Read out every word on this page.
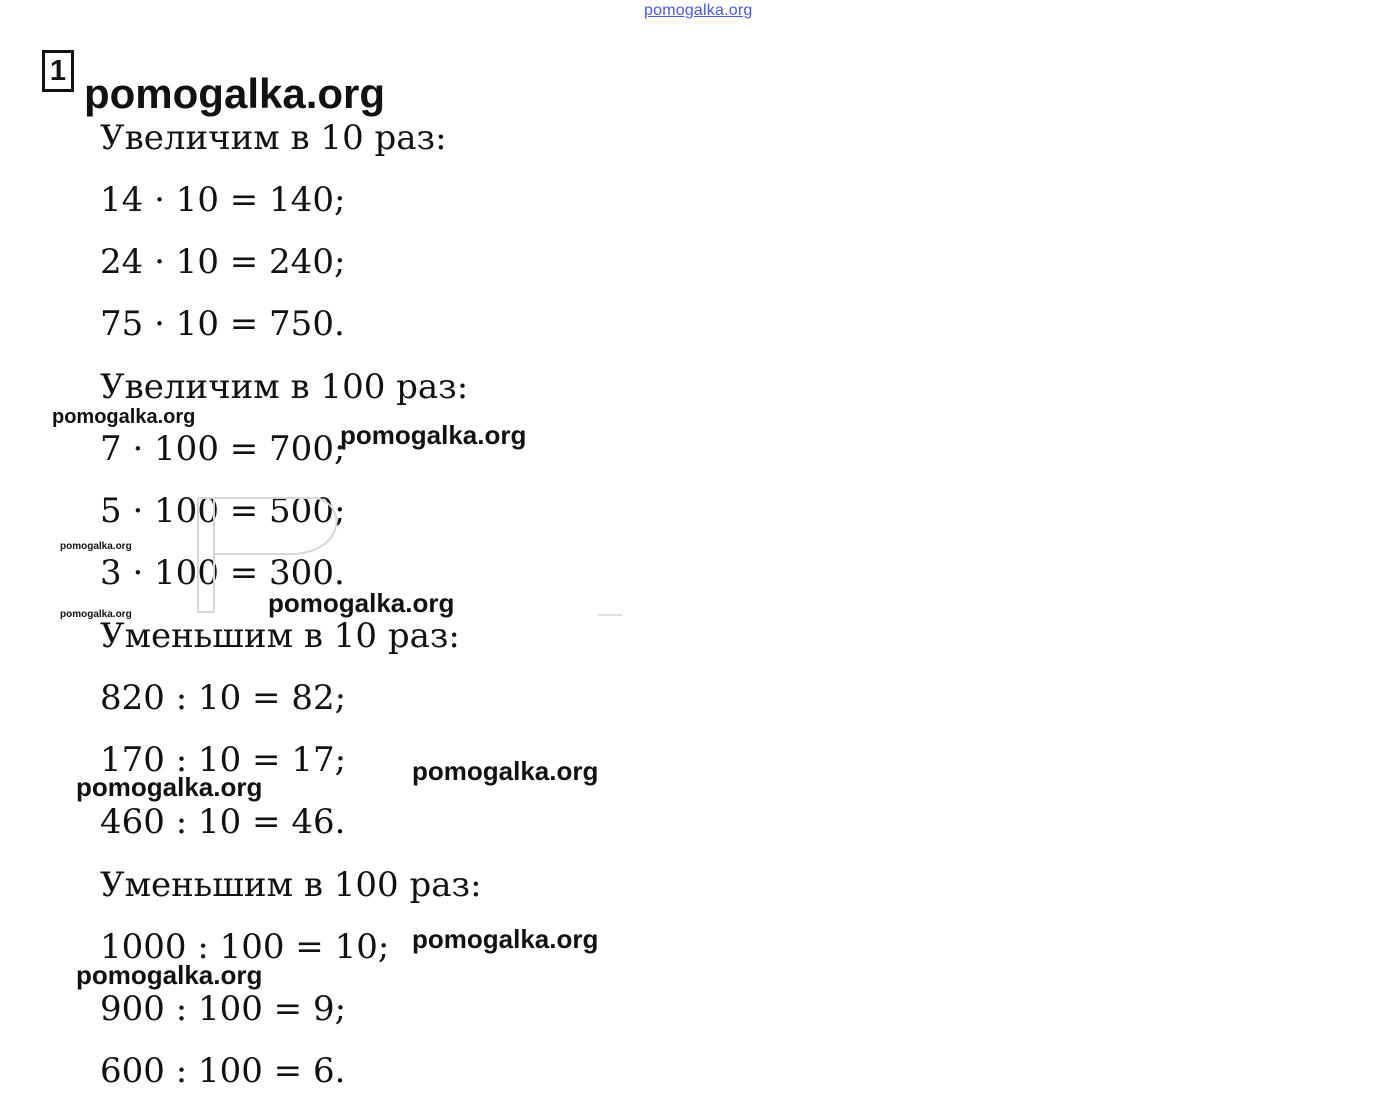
pomogalka.org
1 pomogalka.org
Увеличим в 10 раз:
14 · 10 = 140;
24 · 10 = 240;
75 · 10 = 750.
Увеличим в 100 раз:
7 · 100 = 700;
5 · 100 = 500;
3 · 100 = 300.
Уменьшим в 10 раз:
820 : 10 = 82;
170 : 10 = 17;
460 : 10 = 46.
Уменьшим в 100 раз:
1000 : 100 = 10;
900 : 100 = 9;
600 : 100 = 6.
pomogalka.org
pomogalka.org
pomogalka.org
pomogalka.org
pomogalka.org
pomogalka.org
pomogalka.org
pomogalka.org
pomogalka.org
